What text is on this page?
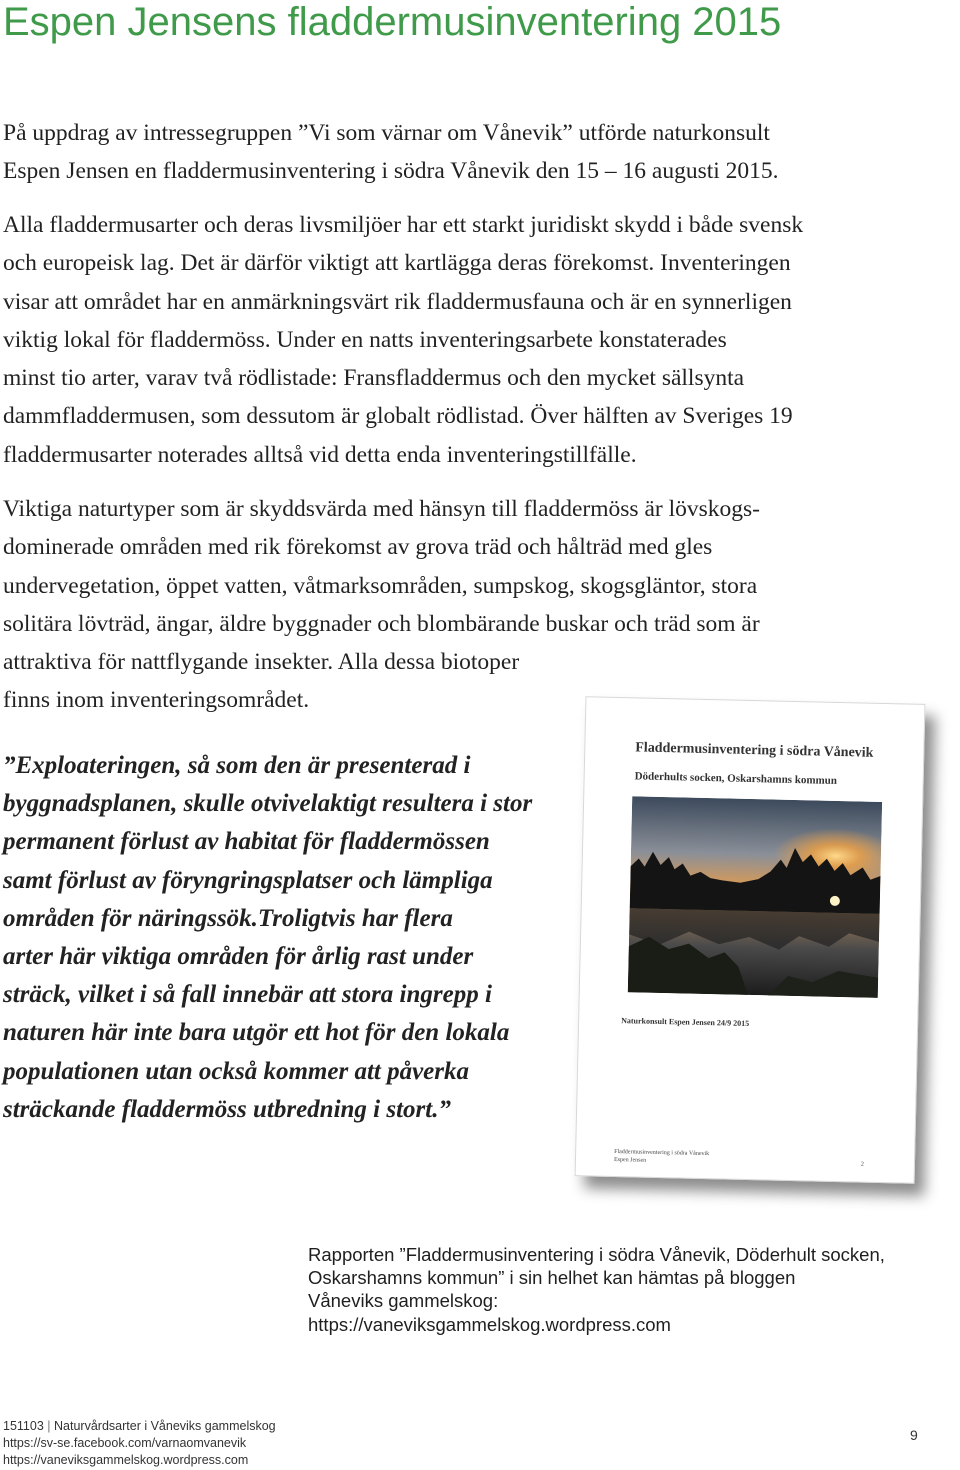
Espen Jensens fladdermusinventering 2015

På uppdrag av intressegruppen ”Vi som värnar om Vånevik” utförde naturkonsult
Espen Jensen en fladdermusinventering i södra Vånevik den 15 – 16 augusti 2015.

Alla fladdermusarter och deras livsmiljöer har ett starkt juridiskt skydd i både svensk
och europeisk lag. Det är därför viktigt att kartlägga deras förekomst. Inventeringen
visar att området har en anmärkningsvärt rik fladdermusfauna och är en synnerligen
viktig lokal för fladdermöss. Under en natts inventeringsarbete konstaterades
minst tio arter, varav två rödlistade: Fransfladdermus och den mycket sällsynta
dammfladdermusen, som dessutom är globalt rödlistad. Över hälften av Sveriges 19
fladdermusarter noterades alltså vid detta enda inventeringstillfälle.

Viktiga naturtyper som är skyddsvärda med hänsyn till fladdermöss är lövskogs-
dominerade områden med rik förekomst av grova träd och hålträd med gles
undervegetation, öppet vatten, våtmarksområden, sumpskog, skogsgläntor, stora
solitära lövträd, ängar, äldre byggnader och blombärande buskar och träd som är
attraktiva för nattflygande insekter. Alla dessa biotoper
finns inom inventeringsområdet.

”Exploateringen, så som den är presenterad i
byggnadsplanen, skulle otvivelaktigt resultera i stor
permanent förlust av habitat för fladdermössen
samt förlust av föryngringsplatser och lämpliga
områden för näringssök.Troligtvis har flera
arter här viktiga områden för årlig rast under
sträck, vilket i så fall innebär att stora ingrepp i
naturen här inte bara utgör ett hot för den lokala
populationen utan också kommer att påverka
sträckande fladdermöss utbredning i stort.”
Fladdermusinventering i södra Vånevik
Döderhults socken, Oskarshamns kommun
Naturkonsult Espen Jensen 24/9 2015
Fladdermusinventering i södra Vånevik
Espen Jensen
2

Rapporten ”Fladdermusinventering i södra Vånevik, Döderhult socken,
Oskarshamns kommun” i sin helhet kan hämtas på bloggen
Våneviks gammelskog:
https://vaneviksgammelskog.wordpress.com

151103 | Naturvårdsarter i Våneviks gammelskog
https://sv-se.facebook.com/varnaomvanevik
https://vaneviksgammelskog.wordpress.com
9
